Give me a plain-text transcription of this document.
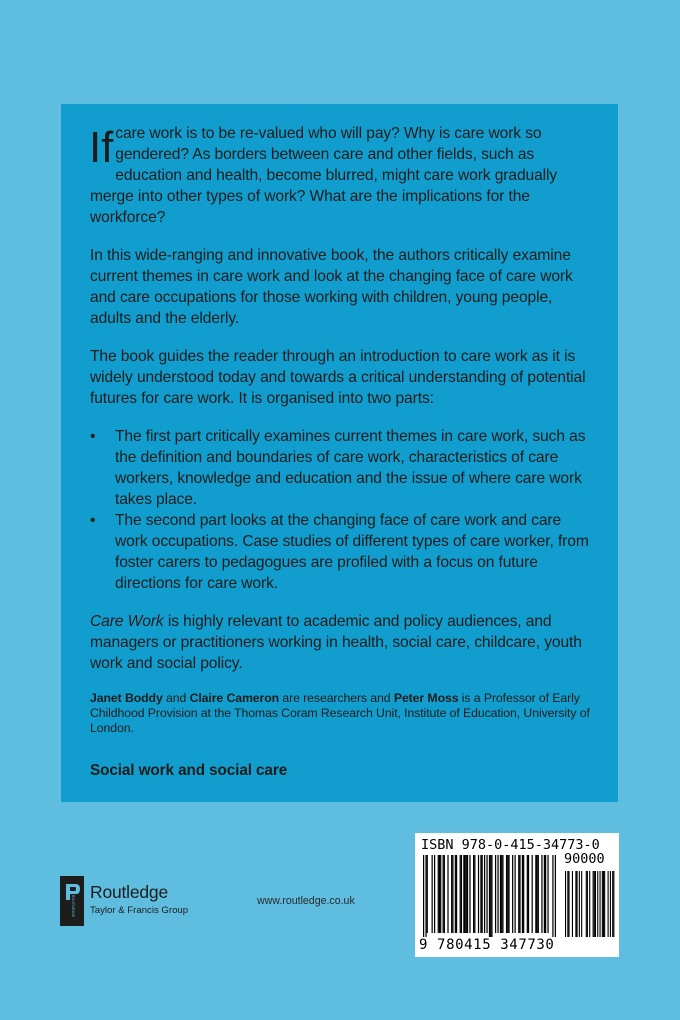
If care work is to be re-valued who will pay? Why is care work so gendered? As borders between care and other fields, such as education and health, become blurred, might care work gradually merge into other types of work? What are the implications for the workforce?

In this wide-ranging and innovative book, the authors critically examine current themes in care work and look at the changing face of care work and care occupations for those working with children, young people, adults and the elderly.

The book guides the reader through an introduction to care work as it is widely understood today and towards a critical understanding of potential futures for care work. It is organised into two parts:

• The first part critically examines current themes in care work, such as the definition and boundaries of care work, characteristics of care workers, knowledge and education and the issue of where care work takes place.
• The second part looks at the changing face of care work and care work occupations. Case studies of different types of care worker, from foster carers to pedagogues are profiled with a focus on future directions for care work.

Care Work is highly relevant to academic and policy audiences, and managers or practitioners working in health, social care, childcare, youth work and social policy.

Janet Boddy and Claire Cameron are researchers and Peter Moss is a Professor of Early Childhood Provision at the Thomas Coram Research Unit, Institute of Education, University of London.

Social work and social care

ROUTLEDGE
Routledge
Taylor & Francis Group
www.routledge.co.uk
ISBN 978-0-415-34773-0
90000
9 780415 347730
